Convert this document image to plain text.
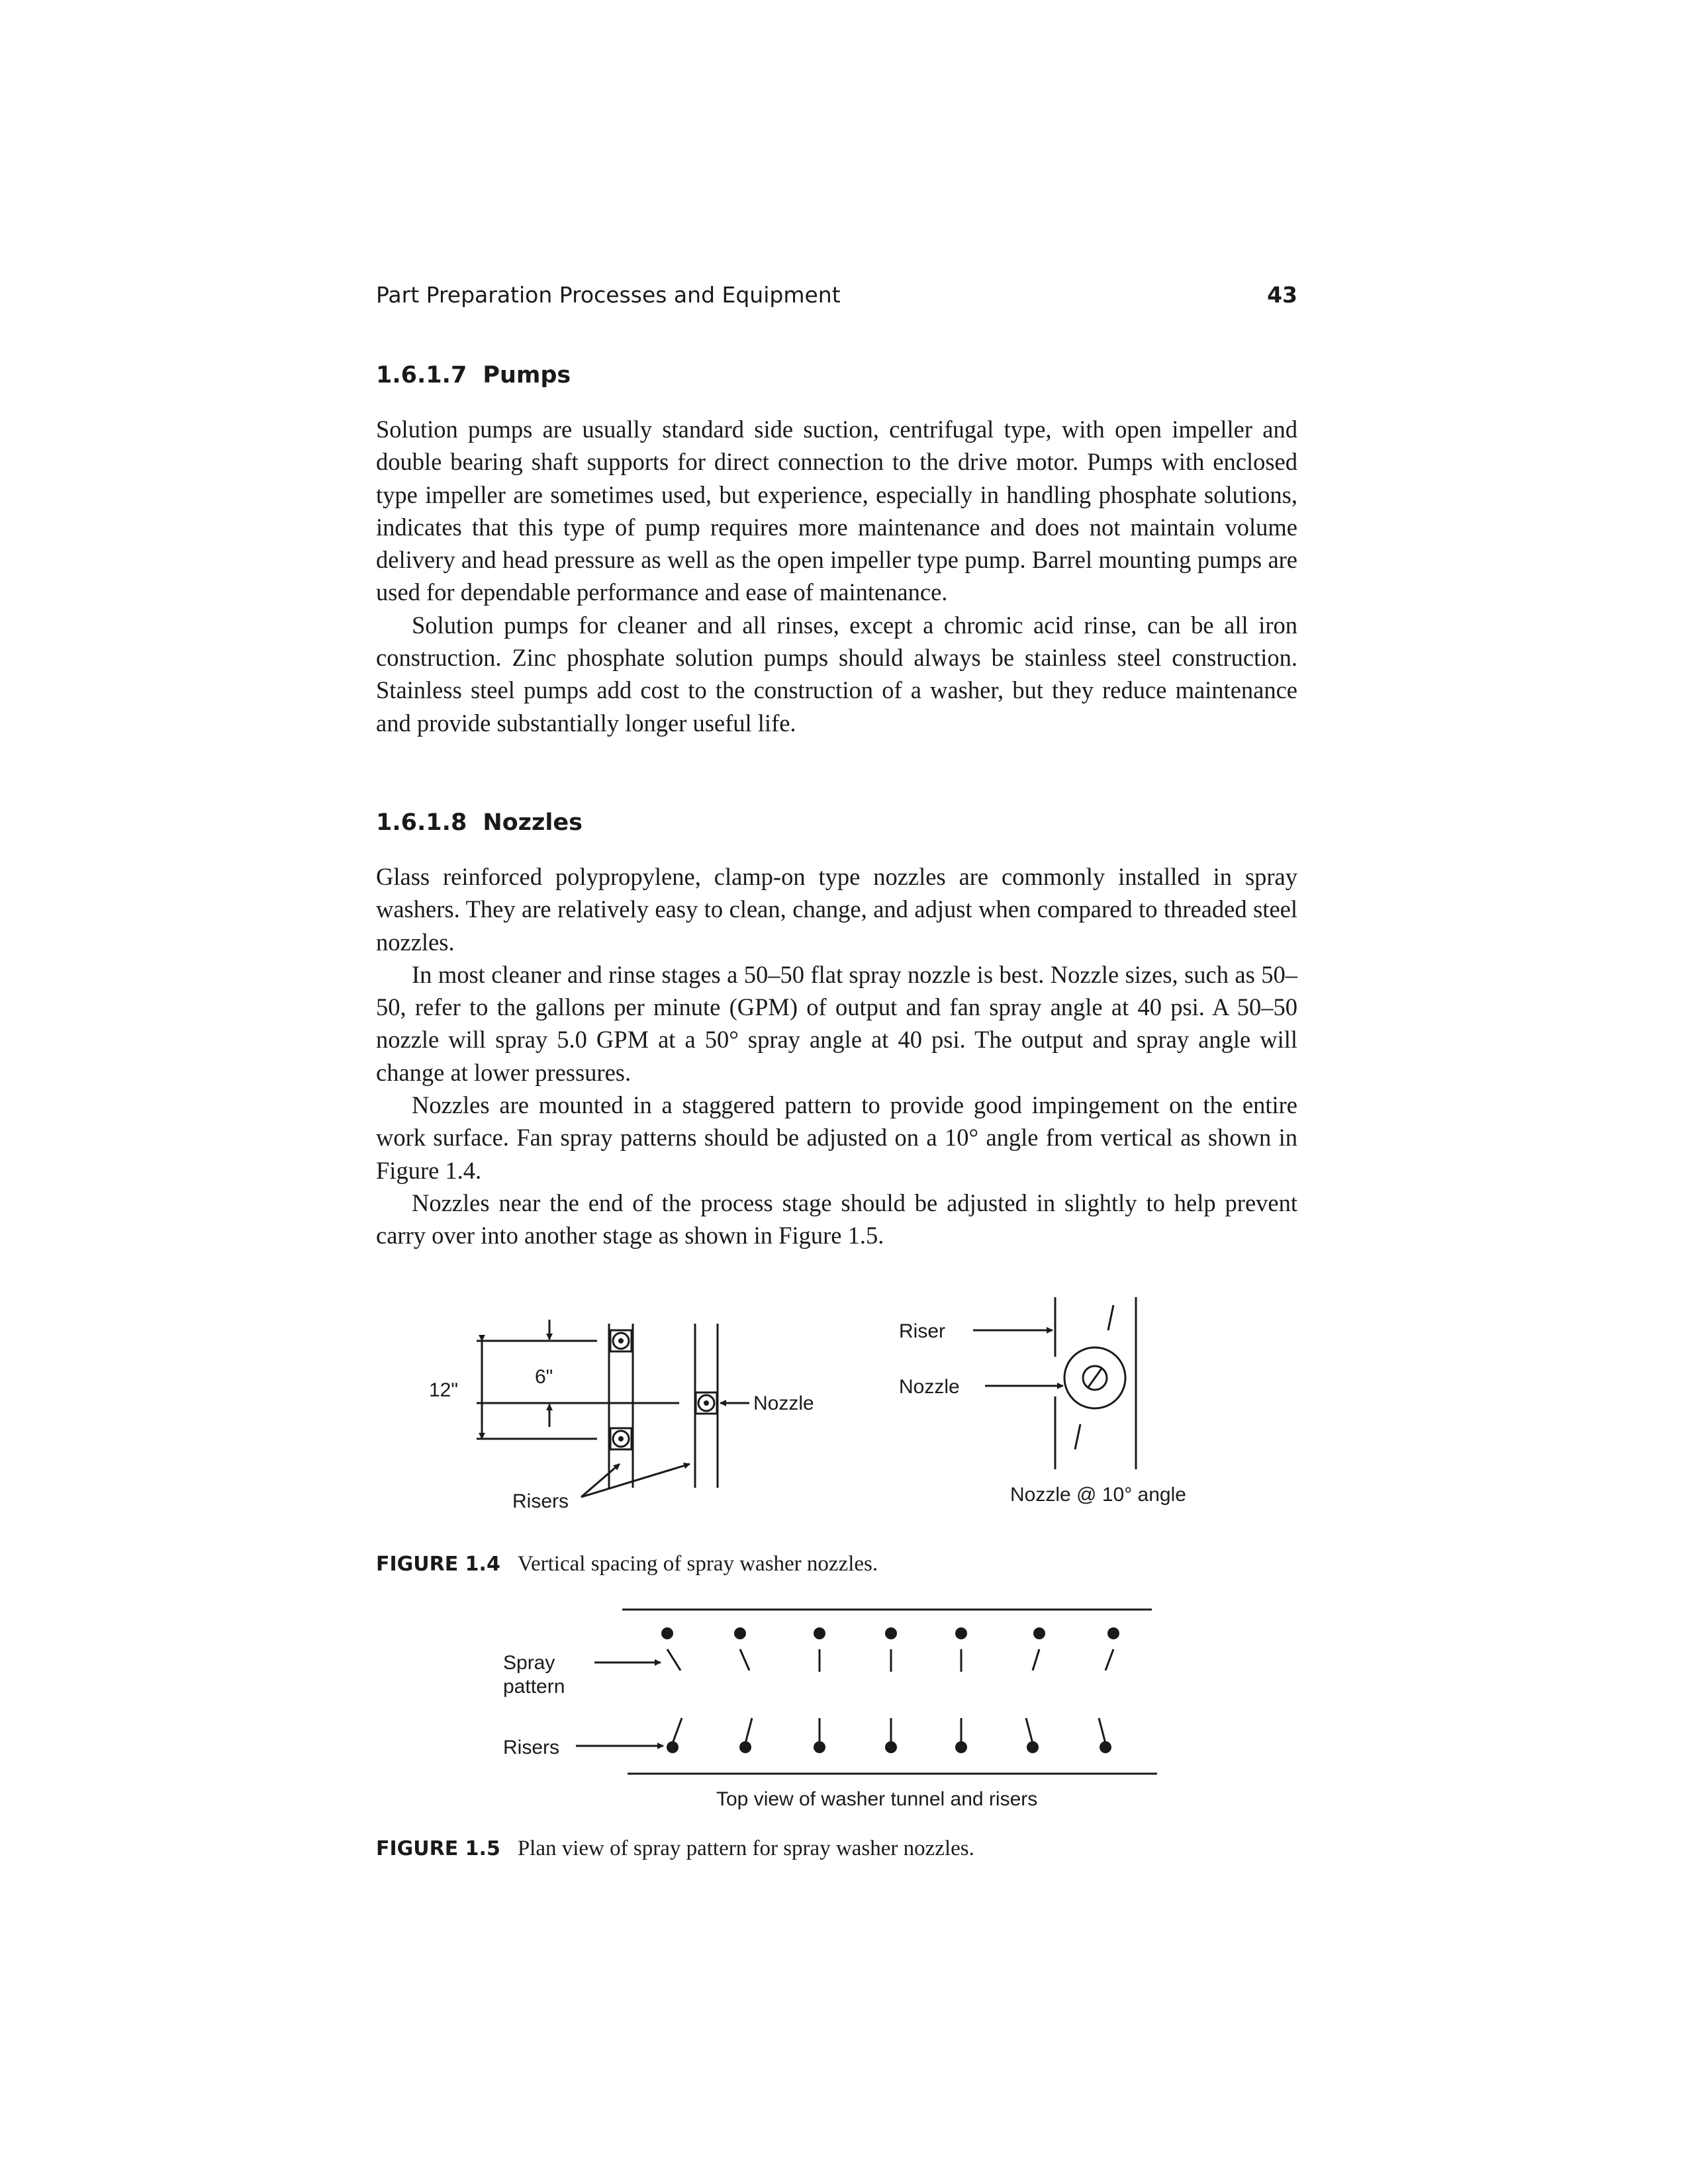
Part Preparation Processes and Equipment	43
1.6.1.7 Pumps

Solution pumps are usually standard side suction, centrifugal type, with open impeller and double bearing shaft supports for direct connection to the drive motor. Pumps with enclosed type impeller are sometimes used, but experience, especially in handling phosphate solutions, indicates that this type of pump requires more maintenance and does not maintain volume delivery and head pressure as well as the open impeller type pump. Barrel mounting pumps are used for dependable performance and ease of maintenance.

Solution pumps for cleaner and all rinses, except a chromic acid rinse, can be all iron construction. Zinc phosphate solution pumps should always be stainless steel construction. Stainless steel pumps add cost to the construction of a washer, but they reduce maintenance and provide substantially longer useful life.

1.6.1.8 Nozzles

Glass reinforced polypropylene, clamp-on type nozzles are commonly installed in spray washers. They are relatively easy to clean, change, and adjust when compared to threaded steel nozzles.

In most cleaner and rinse stages a 50–50 flat spray nozzle is best. Nozzle sizes, such as 50–50, refer to the gallons per minute (GPM) of output and fan spray angle at 40 psi. A 50–50 nozzle will spray 5.0 GPM at a 50° spray angle at 40 psi. The output and spray angle will change at lower pressures.

Nozzles are mounted in a staggered pattern to provide good impingement on the entire work surface. Fan spray patterns should be adjusted on a 10° angle from vertical as shown in Figure 1.4.

Nozzles near the end of the process stage should be adjusted in slightly to help prevent carry over into another stage as shown in Figure 1.5.

12"
6"
Nozzle
Risers
Riser
Nozzle
Nozzle @ 10° angle
FIGURE 1.4 Vertical spacing of spray washer nozzles.
Spray
pattern
Risers
Top view of washer tunnel and risers
FIGURE 1.5 Plan view of spray pattern for spray washer nozzles.
